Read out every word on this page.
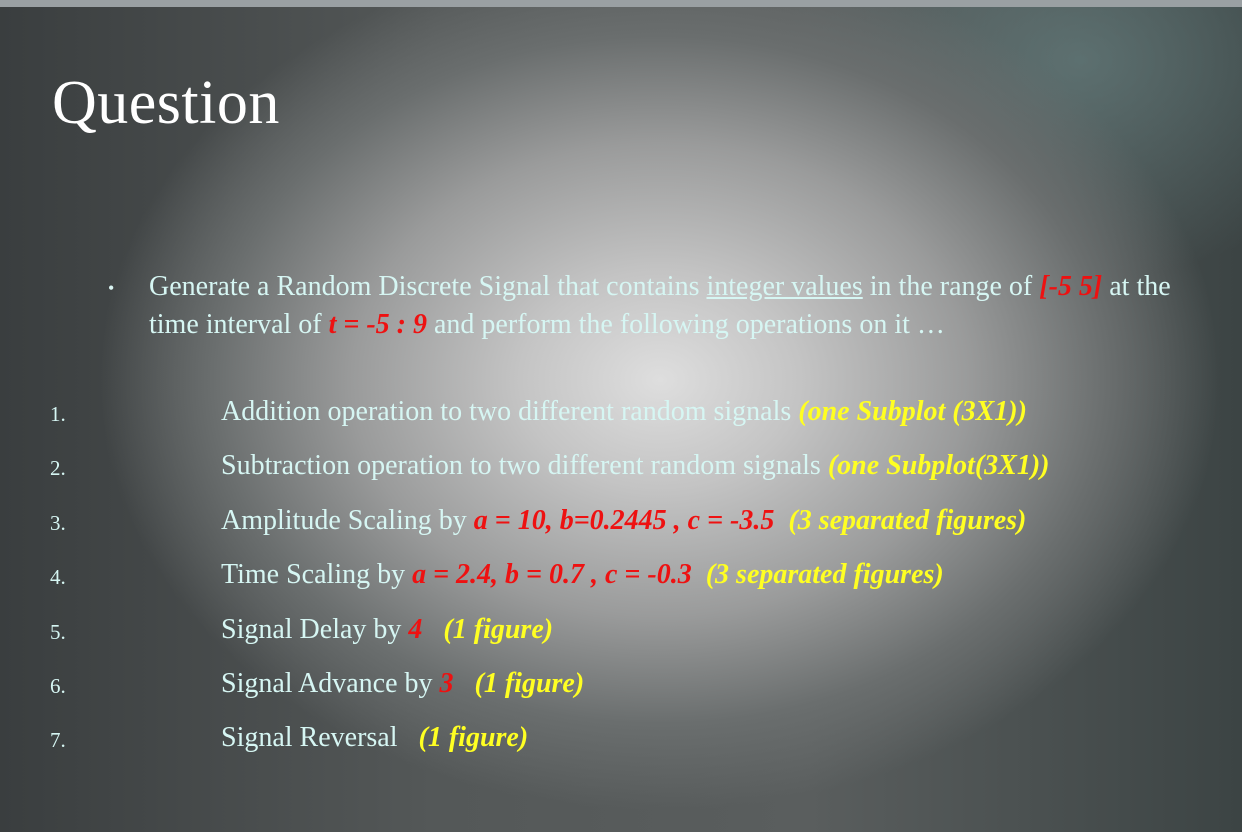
Question
• Generate a Random Discrete Signal that contains integer values in the range of [-5 5] at the time interval of t = -5 : 9 and perform the following operations on it …
1.	Addition operation to two different random signals (one Subplot (3X1))
2.	Subtraction operation to two different random signals (one Subplot(3X1))
3.	Amplitude Scaling by a = 10, b=0.2445 , c = -3.5 (3 separated figures)
4.	Time Scaling by a = 2.4, b = 0.7 , c = -0.3 (3 separated figures)
5.	Signal Delay by 4 (1 figure)
6.	Signal Advance by 3 (1 figure)
7.	Signal Reversal   (1 figure)
